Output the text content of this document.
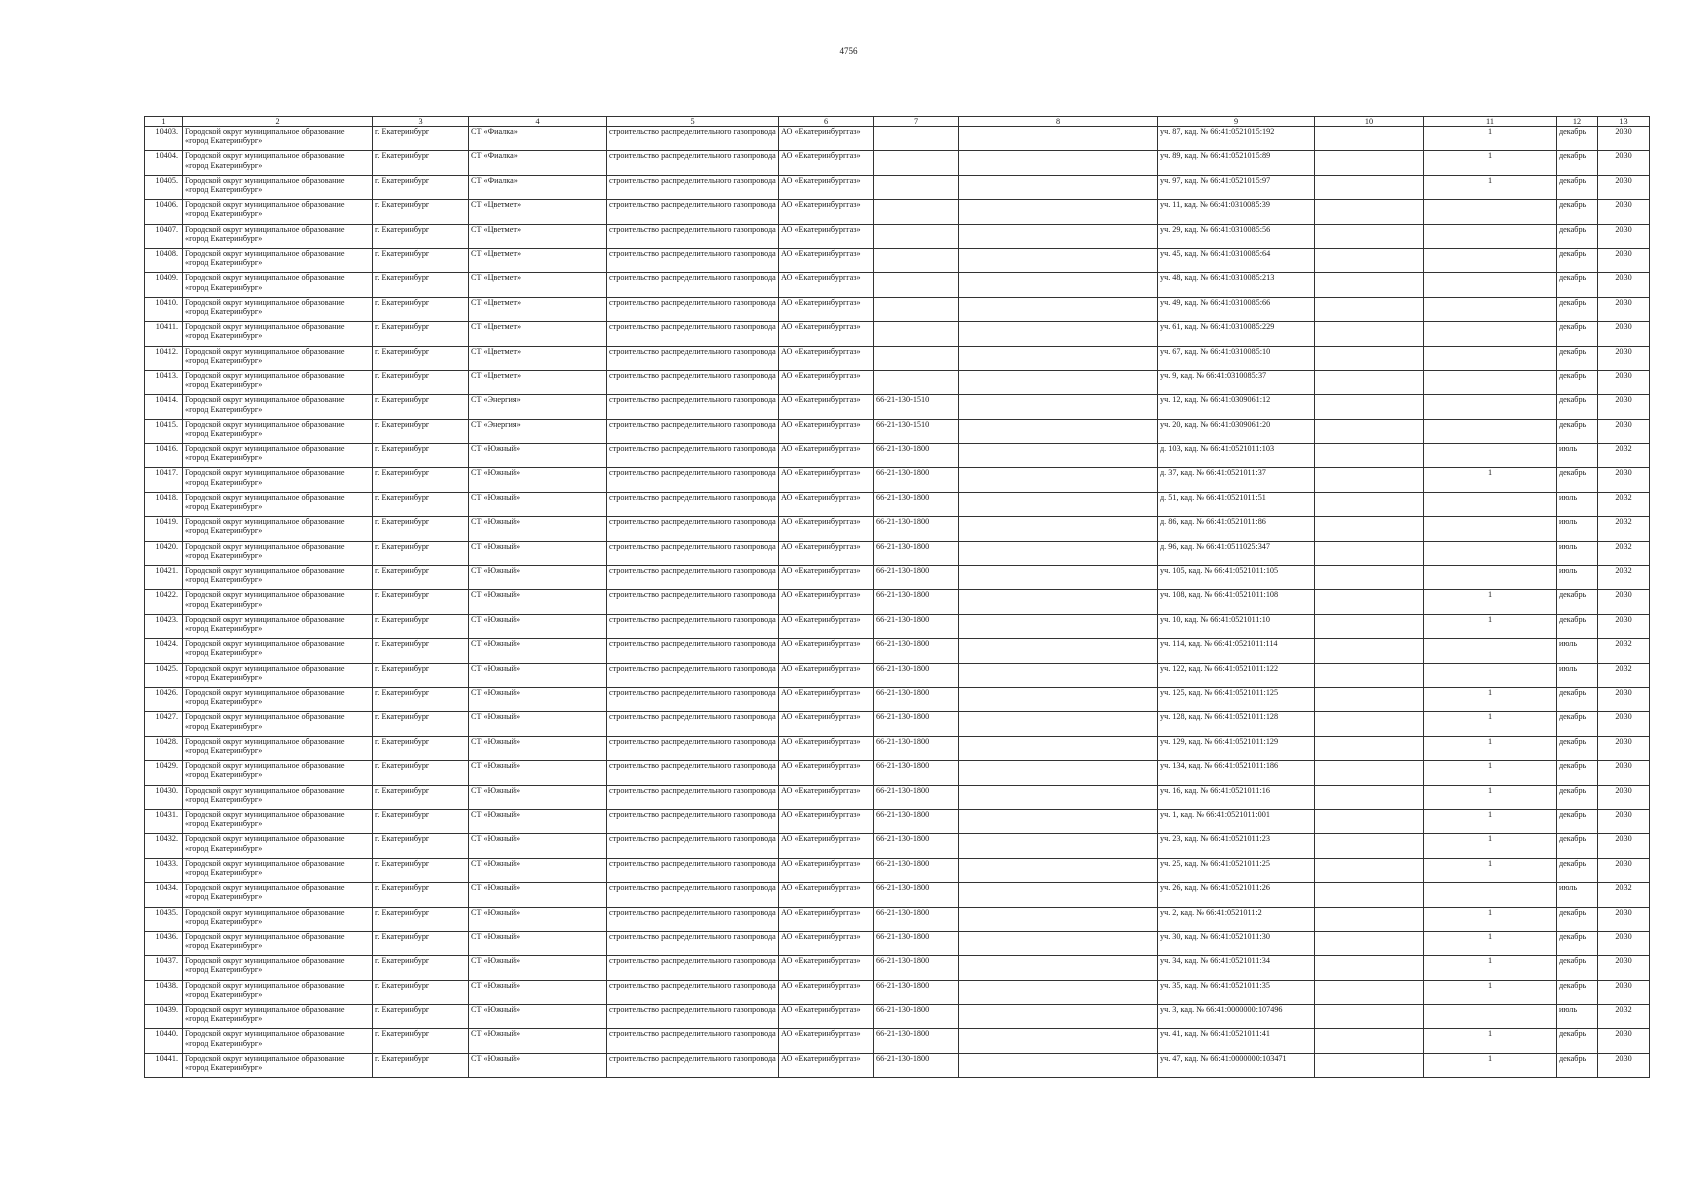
4756
1	2	3	4	5	6	7	8	9	10	11	12	13
10403.	Городской округ муниципальное образование «город Екатеринбург»	г. Екатеринбург	СТ «Фиалка»	строительство распределительного газопровода	АО «Екатеринбурггаз»			уч. 87, кад. № 66:41:0521015:192		1	декабрь	2030
10404.	Городской округ муниципальное образование «город Екатеринбург»	г. Екатеринбург	СТ «Фиалка»	строительство распределительного газопровода	АО «Екатеринбурггаз»			уч. 89, кад. № 66:41:0521015:89		1	декабрь	2030
10405.	Городской округ муниципальное образование «город Екатеринбург»	г. Екатеринбург	СТ «Фиалка»	строительство распределительного газопровода	АО «Екатеринбурггаз»			уч. 97, кад. № 66:41:0521015:97		1	декабрь	2030
10406.	Городской округ муниципальное образование «город Екатеринбург»	г. Екатеринбург	СТ «Цветмет»	строительство распределительного газопровода	АО «Екатеринбурггаз»			уч. 11, кад. № 66:41:0310085:39			декабрь	2030
10407.	Городской округ муниципальное образование «город Екатеринбург»	г. Екатеринбург	СТ «Цветмет»	строительство распределительного газопровода	АО «Екатеринбурггаз»			уч. 29, кад. № 66:41:0310085:56			декабрь	2030
10408.	Городской округ муниципальное образование «город Екатеринбург»	г. Екатеринбург	СТ «Цветмет»	строительство распределительного газопровода	АО «Екатеринбурггаз»			уч. 45, кад. № 66:41:0310085:64			декабрь	2030
10409.	Городской округ муниципальное образование «город Екатеринбург»	г. Екатеринбург	СТ «Цветмет»	строительство распределительного газопровода	АО «Екатеринбурггаз»			уч. 48, кад. № 66:41:0310085:213			декабрь	2030
10410.	Городской округ муниципальное образование «город Екатеринбург»	г. Екатеринбург	СТ «Цветмет»	строительство распределительного газопровода	АО «Екатеринбурггаз»			уч. 49, кад. № 66:41:0310085:66			декабрь	2030
10411.	Городской округ муниципальное образование «город Екатеринбург»	г. Екатеринбург	СТ «Цветмет»	строительство распределительного газопровода	АО «Екатеринбурггаз»			уч. 61, кад. № 66:41:0310085:229			декабрь	2030
10412.	Городской округ муниципальное образование «город Екатеринбург»	г. Екатеринбург	СТ «Цветмет»	строительство распределительного газопровода	АО «Екатеринбурггаз»			уч. 67, кад. № 66:41:0310085:10			декабрь	2030
10413.	Городской округ муниципальное образование «город Екатеринбург»	г. Екатеринбург	СТ «Цветмет»	строительство распределительного газопровода	АО «Екатеринбурггаз»			уч. 9, кад. № 66:41:0310085:37			декабрь	2030
10414.	Городской округ муниципальное образование «город Екатеринбург»	г. Екатеринбург	СТ «Энергия»	строительство распределительного газопровода	АО «Екатеринбурггаз»	66-21-130-1510		уч. 12, кад. № 66:41:0309061:12			декабрь	2030
10415.	Городской округ муниципальное образование «город Екатеринбург»	г. Екатеринбург	СТ «Энергия»	строительство распределительного газопровода	АО «Екатеринбурггаз»	66-21-130-1510		уч. 20, кад. № 66:41:0309061:20			декабрь	2030
10416.	Городской округ муниципальное образование «город Екатеринбург»	г. Екатеринбург	СТ «Южный»	строительство распределительного газопровода	АО «Екатеринбурггаз»	66-21-130-1800		д. 103, кад. № 66:41:0521011:103			июль	2032
10417.	Городской округ муниципальное образование «город Екатеринбург»	г. Екатеринбург	СТ «Южный»	строительство распределительного газопровода	АО «Екатеринбурггаз»	66-21-130-1800		д. 37, кад. № 66:41:0521011:37		1	декабрь	2030
10418.	Городской округ муниципальное образование «город Екатеринбург»	г. Екатеринбург	СТ «Южный»	строительство распределительного газопровода	АО «Екатеринбурггаз»	66-21-130-1800		д. 51, кад. № 66:41:0521011:51			июль	2032
10419.	Городской округ муниципальное образование «город Екатеринбург»	г. Екатеринбург	СТ «Южный»	строительство распределительного газопровода	АО «Екатеринбурггаз»	66-21-130-1800		д. 86, кад. № 66:41:0521011:86			июль	2032
10420.	Городской округ муниципальное образование «город Екатеринбург»	г. Екатеринбург	СТ «Южный»	строительство распределительного газопровода	АО «Екатеринбурггаз»	66-21-130-1800		д. 96, кад. № 66:41:0511025:347			июль	2032
10421.	Городской округ муниципальное образование «город Екатеринбург»	г. Екатеринбург	СТ «Южный»	строительство распределительного газопровода	АО «Екатеринбурггаз»	66-21-130-1800		уч. 105, кад. № 66:41:0521011:105			июль	2032
10422.	Городской округ муниципальное образование «город Екатеринбург»	г. Екатеринбург	СТ «Южный»	строительство распределительного газопровода	АО «Екатеринбурггаз»	66-21-130-1800		уч. 108, кад. № 66:41:0521011:108		1	декабрь	2030
10423.	Городской округ муниципальное образование «город Екатеринбург»	г. Екатеринбург	СТ «Южный»	строительство распределительного газопровода	АО «Екатеринбурггаз»	66-21-130-1800		уч. 10, кад. № 66:41:0521011:10		1	декабрь	2030
10424.	Городской округ муниципальное образование «город Екатеринбург»	г. Екатеринбург	СТ «Южный»	строительство распределительного газопровода	АО «Екатеринбурггаз»	66-21-130-1800		уч. 114, кад. № 66:41:0521011:114			июль	2032
10425.	Городской округ муниципальное образование «город Екатеринбург»	г. Екатеринбург	СТ «Южный»	строительство распределительного газопровода	АО «Екатеринбурггаз»	66-21-130-1800		уч. 122, кад. № 66:41:0521011:122			июль	2032
10426.	Городской округ муниципальное образование «город Екатеринбург»	г. Екатеринбург	СТ «Южный»	строительство распределительного газопровода	АО «Екатеринбурггаз»	66-21-130-1800		уч. 125, кад. № 66:41:0521011:125		1	декабрь	2030
10427.	Городской округ муниципальное образование «город Екатеринбург»	г. Екатеринбург	СТ «Южный»	строительство распределительного газопровода	АО «Екатеринбурггаз»	66-21-130-1800		уч. 128, кад. № 66:41:0521011:128		1	декабрь	2030
10428.	Городской округ муниципальное образование «город Екатеринбург»	г. Екатеринбург	СТ «Южный»	строительство распределительного газопровода	АО «Екатеринбурггаз»	66-21-130-1800		уч. 129, кад. № 66:41:0521011:129		1	декабрь	2030
10429.	Городской округ муниципальное образование «город Екатеринбург»	г. Екатеринбург	СТ «Южный»	строительство распределительного газопровода	АО «Екатеринбурггаз»	66-21-130-1800		уч. 134, кад. № 66:41:0521011:186		1	декабрь	2030
10430.	Городской округ муниципальное образование «город Екатеринбург»	г. Екатеринбург	СТ «Южный»	строительство распределительного газопровода	АО «Екатеринбурггаз»	66-21-130-1800		уч. 16, кад. № 66:41:0521011:16		1	декабрь	2030
10431.	Городской округ муниципальное образование «город Екатеринбург»	г. Екатеринбург	СТ «Южный»	строительство распределительного газопровода	АО «Екатеринбурггаз»	66-21-130-1800		уч. 1, кад. № 66:41:0521011:001		1	декабрь	2030
10432.	Городской округ муниципальное образование «город Екатеринбург»	г. Екатеринбург	СТ «Южный»	строительство распределительного газопровода	АО «Екатеринбурггаз»	66-21-130-1800		уч. 23, кад. № 66:41:0521011:23		1	декабрь	2030
10433.	Городской округ муниципальное образование «город Екатеринбург»	г. Екатеринбург	СТ «Южный»	строительство распределительного газопровода	АО «Екатеринбурггаз»	66-21-130-1800		уч. 25, кад. № 66:41:0521011:25		1	декабрь	2030
10434.	Городской округ муниципальное образование «город Екатеринбург»	г. Екатеринбург	СТ «Южный»	строительство распределительного газопровода	АО «Екатеринбурггаз»	66-21-130-1800		уч. 26, кад. № 66:41:0521011:26			июль	2032
10435.	Городской округ муниципальное образование «город Екатеринбург»	г. Екатеринбург	СТ «Южный»	строительство распределительного газопровода	АО «Екатеринбурггаз»	66-21-130-1800		уч. 2, кад. № 66:41:0521011:2		1	декабрь	2030
10436.	Городской округ муниципальное образование «город Екатеринбург»	г. Екатеринбург	СТ «Южный»	строительство распределительного газопровода	АО «Екатеринбурггаз»	66-21-130-1800		уч. 30, кад. № 66:41:0521011:30		1	декабрь	2030
10437.	Городской округ муниципальное образование «город Екатеринбург»	г. Екатеринбург	СТ «Южный»	строительство распределительного газопровода	АО «Екатеринбурггаз»	66-21-130-1800		уч. 34, кад. № 66:41:0521011:34		1	декабрь	2030
10438.	Городской округ муниципальное образование «город Екатеринбург»	г. Екатеринбург	СТ «Южный»	строительство распределительного газопровода	АО «Екатеринбурггаз»	66-21-130-1800		уч. 35, кад. № 66:41:0521011:35		1	декабрь	2030
10439.	Городской округ муниципальное образование «город Екатеринбург»	г. Екатеринбург	СТ «Южный»	строительство распределительного газопровода	АО «Екатеринбурггаз»	66-21-130-1800		уч. 3, кад. № 66:41:0000000:107496			июль	2032
10440.	Городской округ муниципальное образование «город Екатеринбург»	г. Екатеринбург	СТ «Южный»	строительство распределительного газопровода	АО «Екатеринбурггаз»	66-21-130-1800		уч. 41, кад. № 66:41:0521011:41		1	декабрь	2030
10441.	Городской округ муниципальное образование «город Екатеринбург»	г. Екатеринбург	СТ «Южный»	строительство распределительного газопровода	АО «Екатеринбурггаз»	66-21-130-1800		уч. 47, кад. № 66:41:0000000:103471		1	декабрь	2030
